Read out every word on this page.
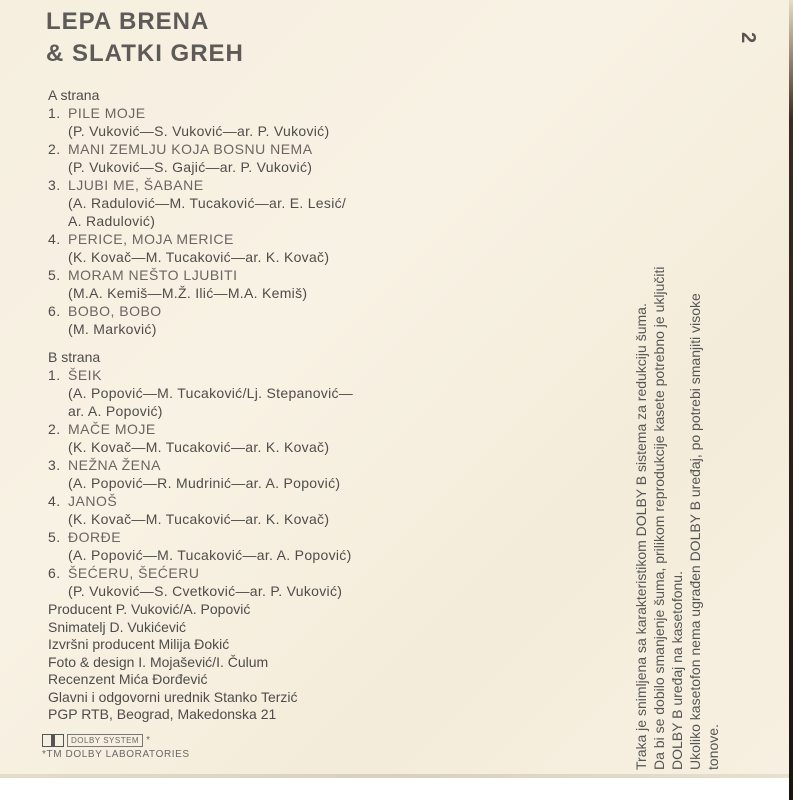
LEPA BRENA
& SLATKI GREH
2
A strana
1. PILE MOJE
(P. Vuković—S. Vuković—ar. P. Vuković)
2. MANI ZEMLJU KOJA BOSNU NEMA
(P. Vuković—S. Gajić—ar. P. Vuković)
3. LJUBI ME, ŠABANE
(A. Radulović—M. Tucaković—ar. E. Lesić/
A. Radulović)
4. PERICE, MOJA MERICE
(K. Kovač—M. Tucaković—ar. K. Kovač)
5. MORAM NEŠTO LJUBITI
(M.A. Kemiš—M.Ž. Ilić—M.A. Kemiš)
6. BOBO, BOBO
(M. Marković)
B strana
1. ŠEIK
(A. Popović—M. Tucaković/Lj. Stepanović—
ar. A. Popović)
2. MAČE MOJE
(K. Kovač—M. Tucaković—ar. K. Kovač)
3. NEŽNA ŽENA
(A. Popović—R. Mudrinić—ar. A. Popović)
4. JANOŠ
(K. Kovač—M. Tucaković—ar. K. Kovač)
5. ĐORĐE
(A. Popović—M. Tucaković—ar. A. Popović)
6. ŠEĆERU, ŠEĆERU
(P. Vuković—S. Cvetković—ar. P. Vuković)
Producent P. Vuković/A. Popović
Snimatelj D. Vukićević
Izvršni producent Milija Đokić
Foto & design I. Mojašević/I. Čulum
Recenzent Mića Đorđević
Glavni i odgovorni urednik Stanko Terzić
PGP RTB, Beograd, Makedonska 21
DOLBY SYSTEM *
*TM DOLBY LABORATORIES	Traka je snimljena sa karakteristikom DOLBY B sistema za redukciju šuma. Da bi se dobilo smanjenje šuma, prilikom reprodukcije kasete potrebno je uključiti DOLBY B uređaj na kasetofonu. Ukoliko kasetofon nema ugrađen DOLBY B uređaj, po potrebi smanjiti visoke tonove.
